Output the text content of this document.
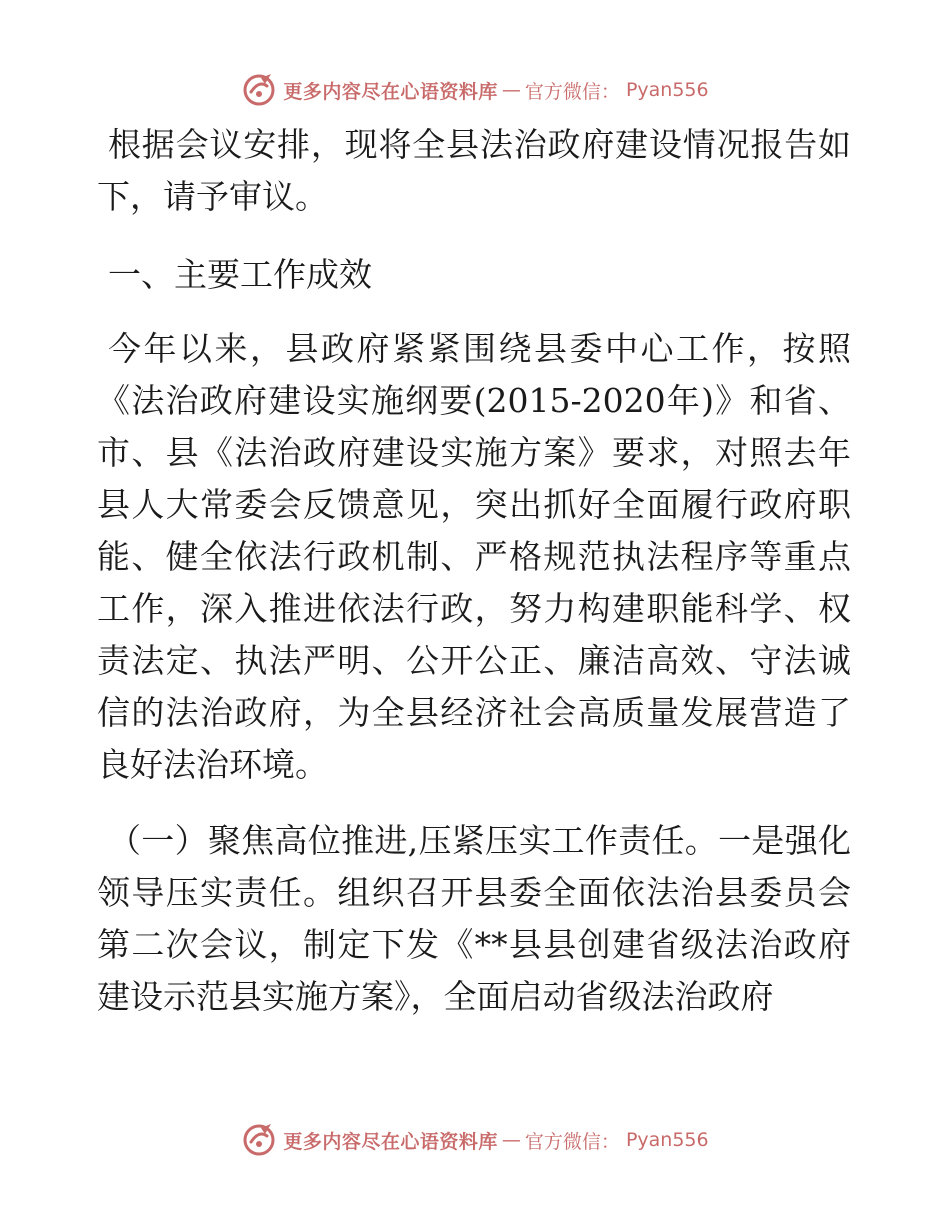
更多内容尽在心语资料库 — 官方微信： Pyan556

根据会议安排，现将全县法治政府建设情况报告如下，请予审议。

一、主要工作成效

今年以来，县政府紧紧围绕县委中心工作，按照《法治政府建设实施纲要(2015-2020年)》和省、市、县《法治政府建设实施方案》要求，对照去年县人大常委会反馈意见，突出抓好全面履行政府职能、健全依法行政机制、严格规范执法程序等重点工作，深入推进依法行政，努力构建职能科学、权责法定、执法严明、公开公正、廉洁高效、守法诚信的法治政府，为全县经济社会高质量发展营造了良好法治环境。

（一）聚焦高位推进,压紧压实工作责任。一是强化领导压实责任。组织召开县委全面依法治县委员会第二次会议，制定下发《**县县创建省级法治政府建设示范县实施方案》，全面启动省级法治政府

更多内容尽在心语资料库 — 官方微信： Pyan556
